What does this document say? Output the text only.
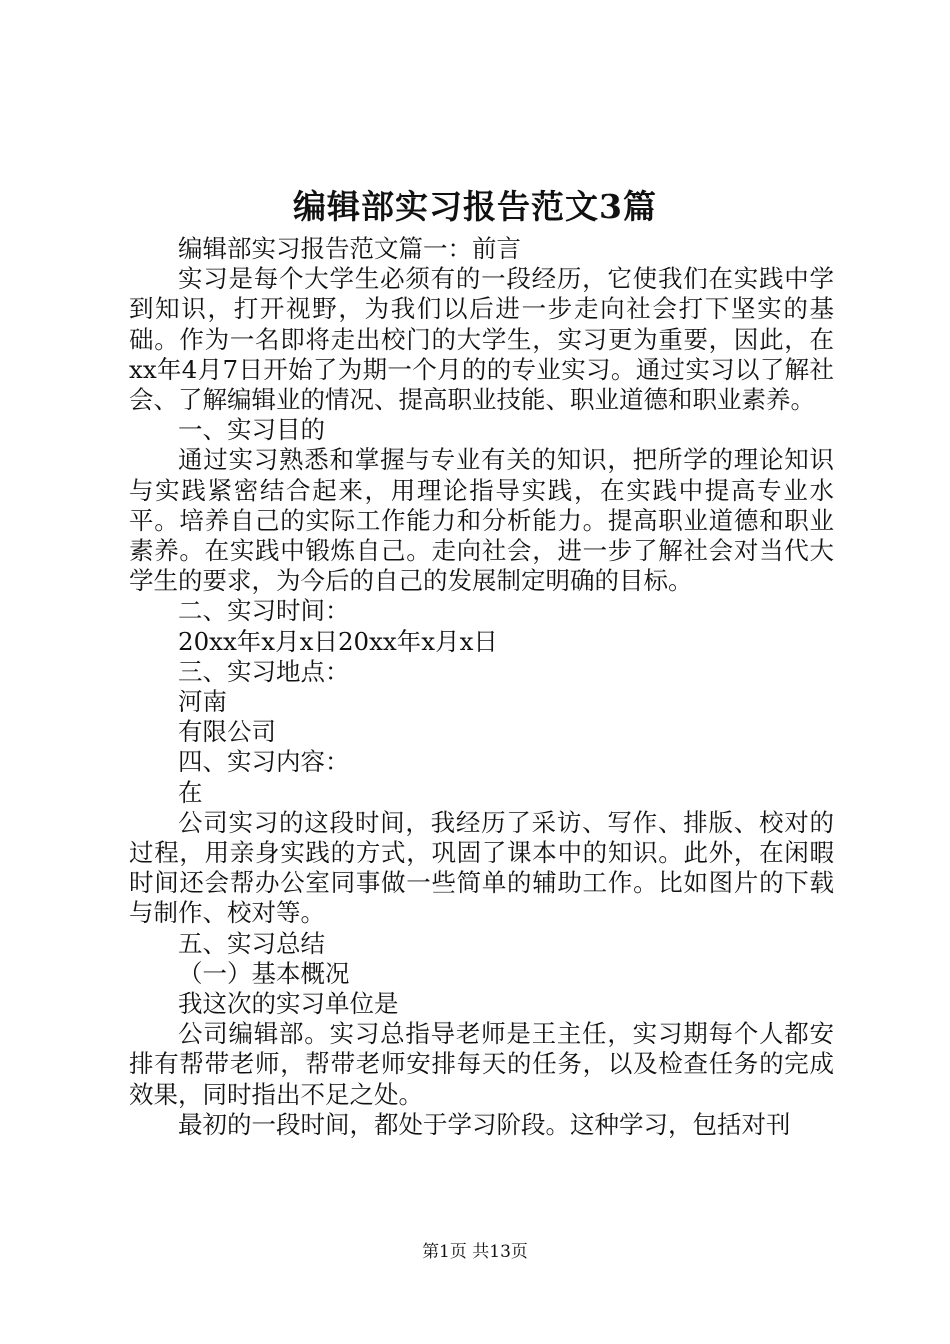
编辑部实习报告范文3篇

编辑部实习报告范文篇一：前言

实习是每个大学生必须有的一段经历，它使我们在实践中学到知识，打开视野，为我们以后进一步走向社会打下坚实的基础。作为一名即将走出校门的大学生，实习更为重要，因此，在xx年4月7日开始了为期一个月的的专业实习。通过实习以了解社会、了解编辑业的情况、提高职业技能、职业道德和职业素养。

一、实习目的

通过实习熟悉和掌握与专业有关的知识，把所学的理论知识与实践紧密结合起来，用理论指导实践，在实践中提高专业水平。培养自己的实际工作能力和分析能力。提高职业道德和职业素养。在实践中锻炼自己。走向社会，进一步了解社会对当代大学生的要求，为今后的自己的发展制定明确的目标。

二、实习时间：

20xx年x月x日20xx年x月x日

三、实习地点：

河南

有限公司

四、实习内容：

在

公司实习的这段时间，我经历了采访、写作、排版、校对的过程，用亲身实践的方式，巩固了课本中的知识。此外，在闲暇时间还会帮办公室同事做一些简单的辅助工作。比如图片的下载与制作、校对等。

五、实习总结

（一）基本概况

我这次的实习单位是

公司编辑部。实习总指导老师是王主任，实习期每个人都安排有帮带老师，帮带老师安排每天的任务，以及检查任务的完成效果，同时指出不足之处。

最初的一段时间，都处于学习阶段。这种学习，包括对刊

第1页 共13页
